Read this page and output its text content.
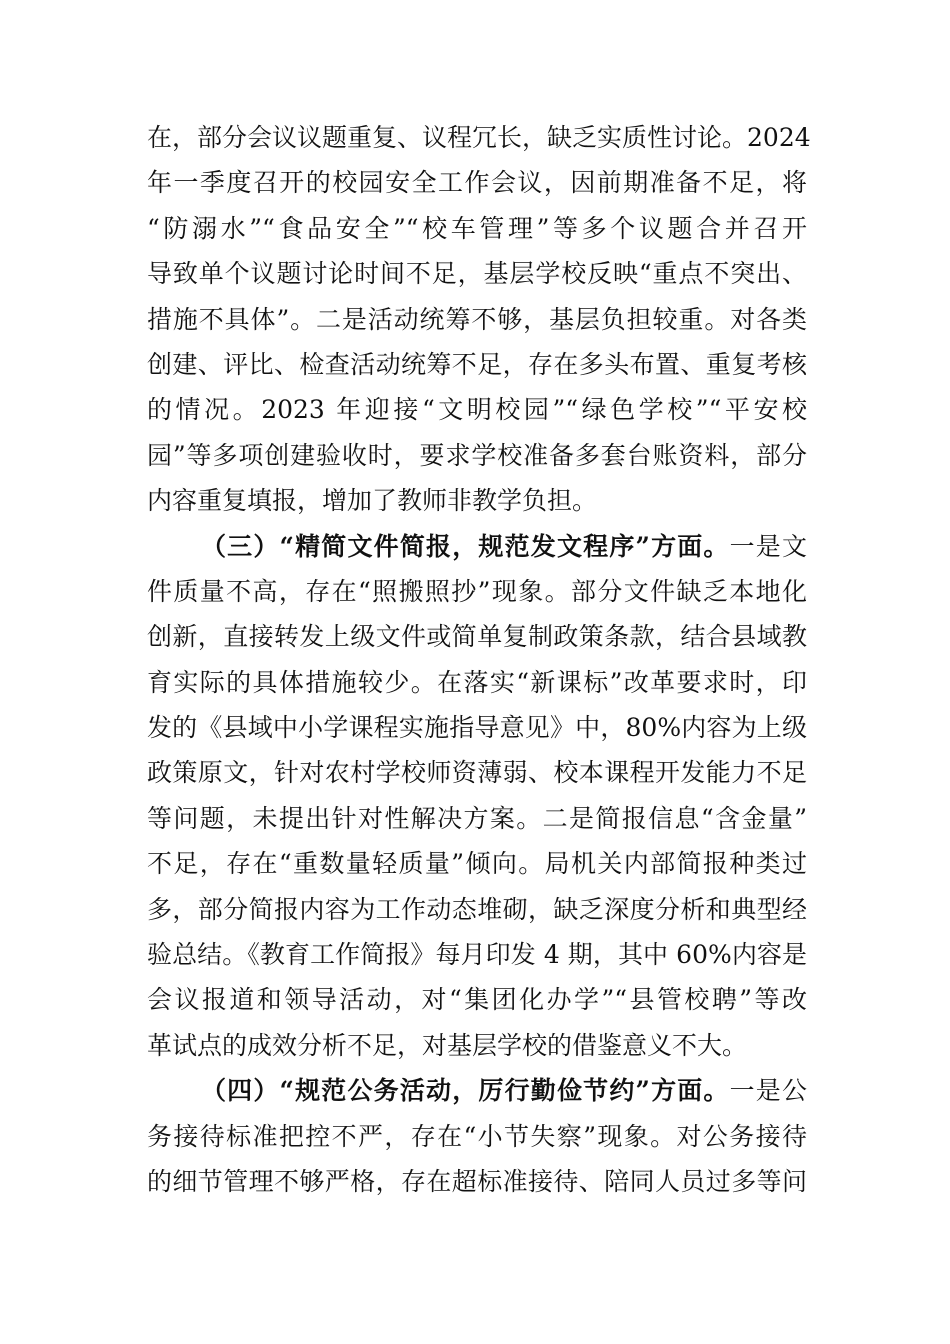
在，部分会议议题重复、议程冗长，缺乏实质性讨论。2024
年一季度召开的校园安全工作会议，因前期准备不足，将
“防溺水”“食品安全”“校车管理”等多个议题合并召开
导致单个议题讨论时间不足，基层学校反映“重点不突出、
措施不具体”。二是活动统筹不够，基层负担较重。对各类
创建、评比、检查活动统筹不足，存在多头布置、重复考核
的情况。2023 年迎接“文明校园”“绿色学校”“平安校
园”等多项创建验收时，要求学校准备多套台账资料，部分
内容重复填报，增加了教师非教学负担。
（三）“精简文件简报，规范发文程序”方面。一是文
件质量不高，存在“照搬照抄”现象。部分文件缺乏本地化
创新，直接转发上级文件或简单复制政策条款，结合县域教
育实际的具体措施较少。在落实“新课标”改革要求时，印
发的《县域中小学课程实施指导意见》中，80%内容为上级
政策原文，针对农村学校师资薄弱、校本课程开发能力不足
等问题，未提出针对性解决方案。二是简报信息“含金量”
不足，存在“重数量轻质量”倾向。局机关内部简报种类过
多，部分简报内容为工作动态堆砌，缺乏深度分析和典型经
验总结。《教育工作简报》每月印发 4 期，其中 60%内容是
会议报道和领导活动，对“集团化办学”“县管校聘”等改
革试点的成效分析不足，对基层学校的借鉴意义不大。
（四）“规范公务活动，厉行勤俭节约”方面。一是公
务接待标准把控不严，存在“小节失察”现象。对公务接待
的细节管理不够严格，存在超标准接待、陪同人员过多等问
